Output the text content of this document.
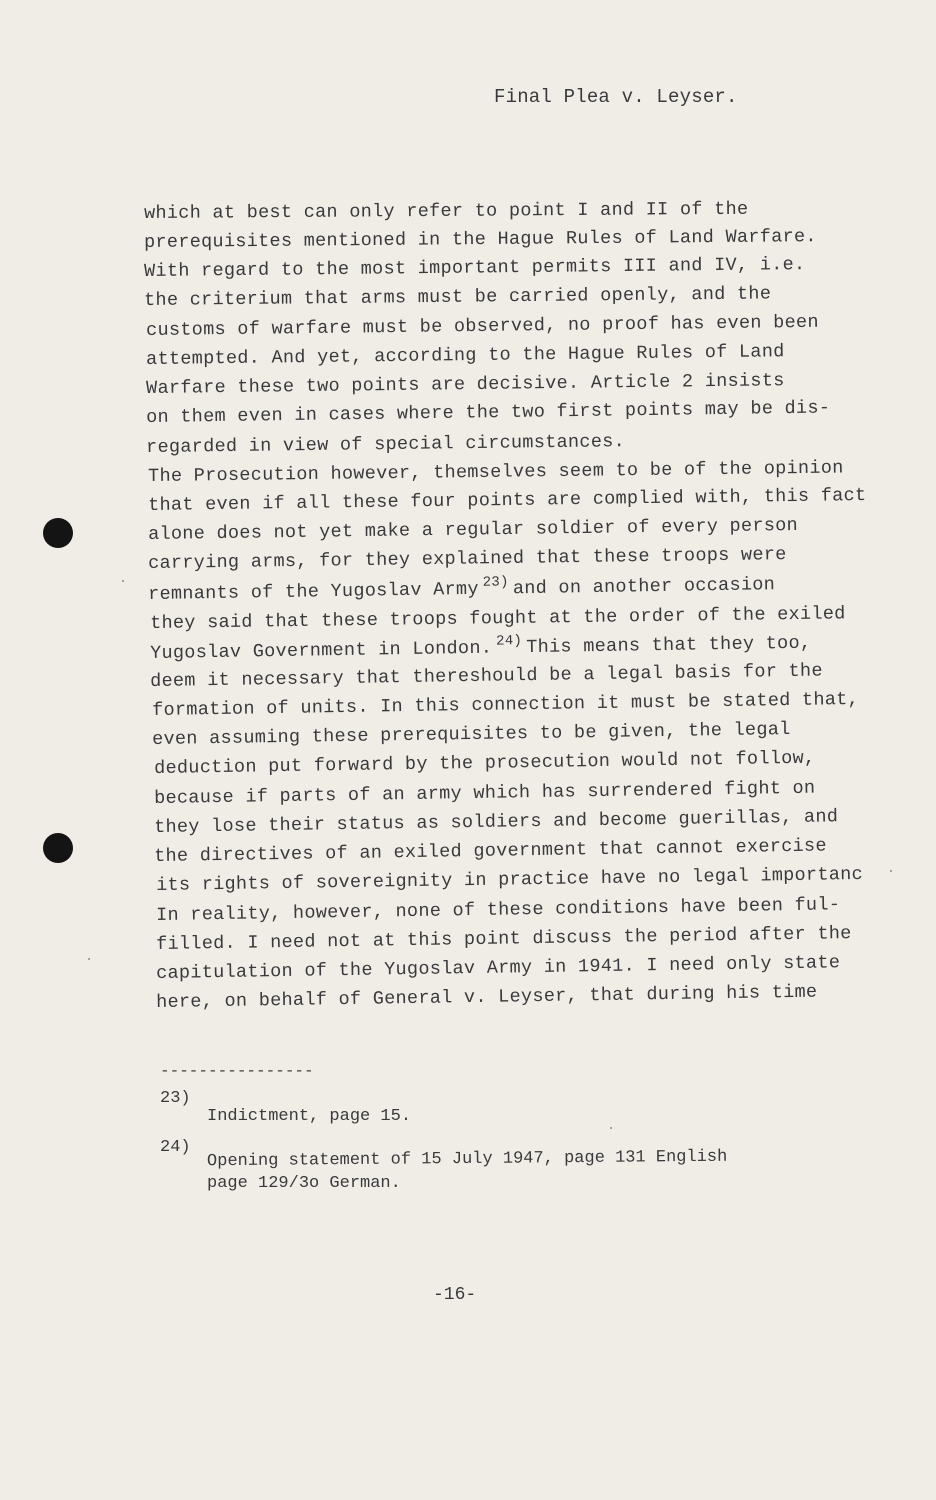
Final Plea v. Leyser.
which at best can only refer to point I and II of the
prerequisites mentioned in the Hague Rules of Land Warfare.
With regard to the most important permits III and IV, i.e.
the criterium that arms must be carried openly, and the
customs of warfare must be observed, no proof has even been
attempted. And yet, according to the Hague Rules of Land
Warfare these two points are decisive. Article 2 insists
on them even in cases where the two first points may be dis-
regarded in view of special circumstances.
The Prosecution however, themselves seem to be of the opinion
that even if all these four points are complied with, this fact
alone does not yet make a regular soldier of every person
carrying arms, for they explained that these troops were
remnants of the Yugoslav Army $^{23)}$ and on another occasion
they said that these troops fought at the order of the exiled
Yugoslav Government in London. $^{24)}$ This means that they too,
deem it necessary that thereshould be a legal basis for the
formation of units. In this connection it must be stated that,
even assuming these prerequisites to be given, the legal
deduction put forward by the prosecution would not follow,
because if parts of an army which has surrendered fight on
they lose their status as soldiers and become guerillas, and
the directives of an exiled government that cannot exercise
its rights of sovereignity in practice have no legal importanc
In reality, however, none of these conditions have been ful-
filled. I need not at this point discuss the period after the
capitulation of the Yugoslav Army in 1941. I need only state
here, on behalf of General v. Leyser, that during his time
----------------
23)
Indictment, page 15.
24)
Opening statement of 15 July 1947, page 131 English
page 129/3o German.
-16-
